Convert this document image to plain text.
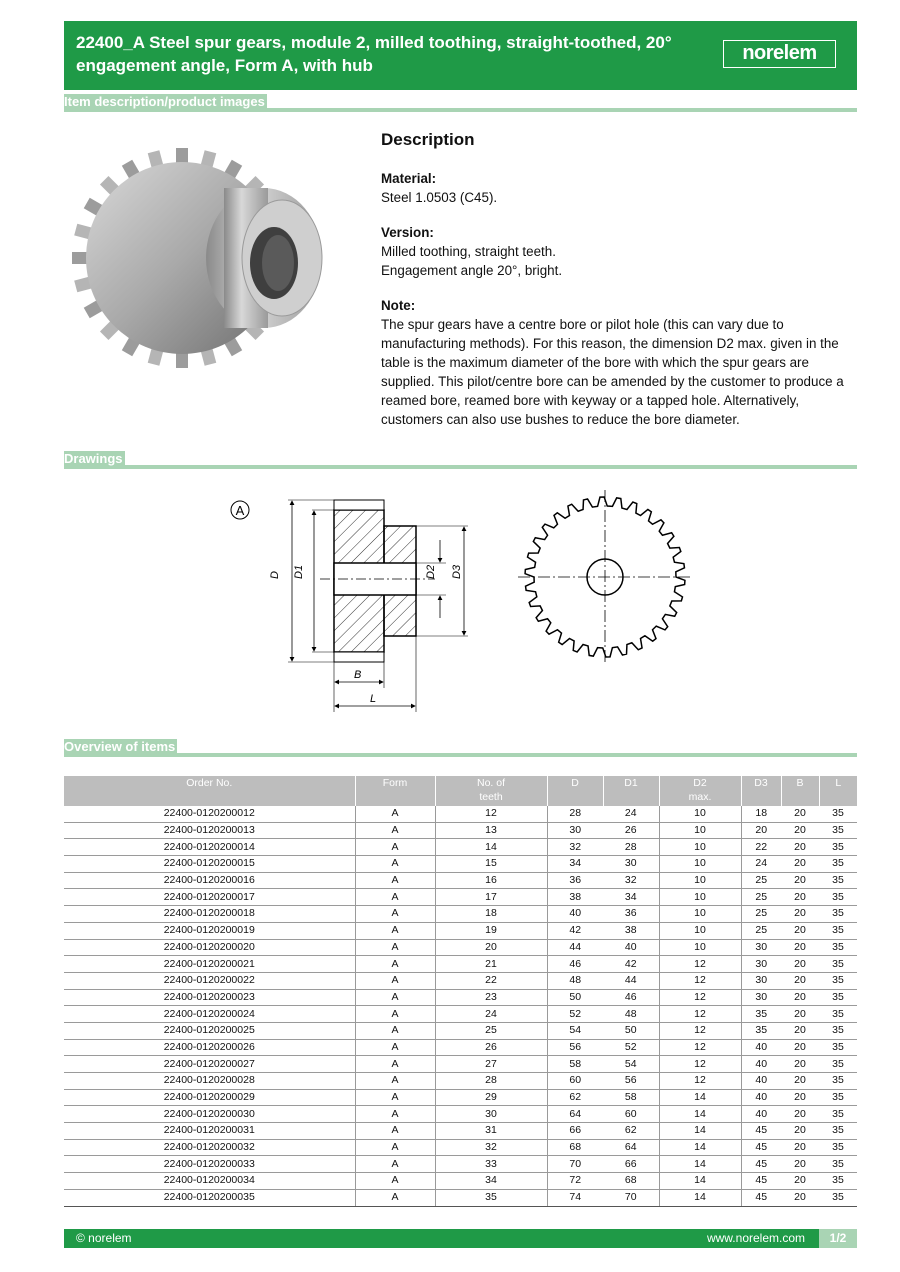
22400_A Steel spur gears, module 2, milled toothing, straight-toothed, 20° engagement angle, Form A, with hub
norelem
Item description/product images
Description
Material:
Steel 1.0503 (C45).
Version:
Milled toothing, straight teeth.
Engagement angle 20°, bright.
Note:
The spur gears have a centre bore or pilot hole (this can vary due to manufacturing methods). For this reason, the dimension D2 max. given in the table is the maximum diameter of the bore with which the spur gears are supplied. This pilot/centre bore can be amended by the customer to produce a reamed bore, reamed bore with keyway or a tapped hole. Alternatively, customers can also use bushes to reduce the bore diameter.
Drawings
A
D D1	D2 D3
B
L
Overview of items
Order No.	Form	No. of teeth	D	D1	D2 max.	D3	B	L
22400-0120200012	A	12	28	24	10	18	20	35
22400-0120200013	A	13	30	26	10	20	20	35
22400-0120200014	A	14	32	28	10	22	20	35
22400-0120200015	A	15	34	30	10	24	20	35
22400-0120200016	A	16	36	32	10	25	20	35
22400-0120200017	A	17	38	34	10	25	20	35
22400-0120200018	A	18	40	36	10	25	20	35
22400-0120200019	A	19	42	38	10	25	20	35
22400-0120200020	A	20	44	40	10	30	20	35
22400-0120200021	A	21	46	42	12	30	20	35
22400-0120200022	A	22	48	44	12	30	20	35
22400-0120200023	A	23	50	46	12	30	20	35
22400-0120200024	A	24	52	48	12	35	20	35
22400-0120200025	A	25	54	50	12	35	20	35
22400-0120200026	A	26	56	52	12	40	20	35
22400-0120200027	A	27	58	54	12	40	20	35
22400-0120200028	A	28	60	56	12	40	20	35
22400-0120200029	A	29	62	58	14	40	20	35
22400-0120200030	A	30	64	60	14	40	20	35
22400-0120200031	A	31	66	62	14	45	20	35
22400-0120200032	A	32	68	64	14	45	20	35
22400-0120200033	A	33	70	66	14	45	20	35
22400-0120200034	A	34	72	68	14	45	20	35
22400-0120200035	A	35	74	70	14	45	20	35
© norelem	www.norelem.com	1/2
